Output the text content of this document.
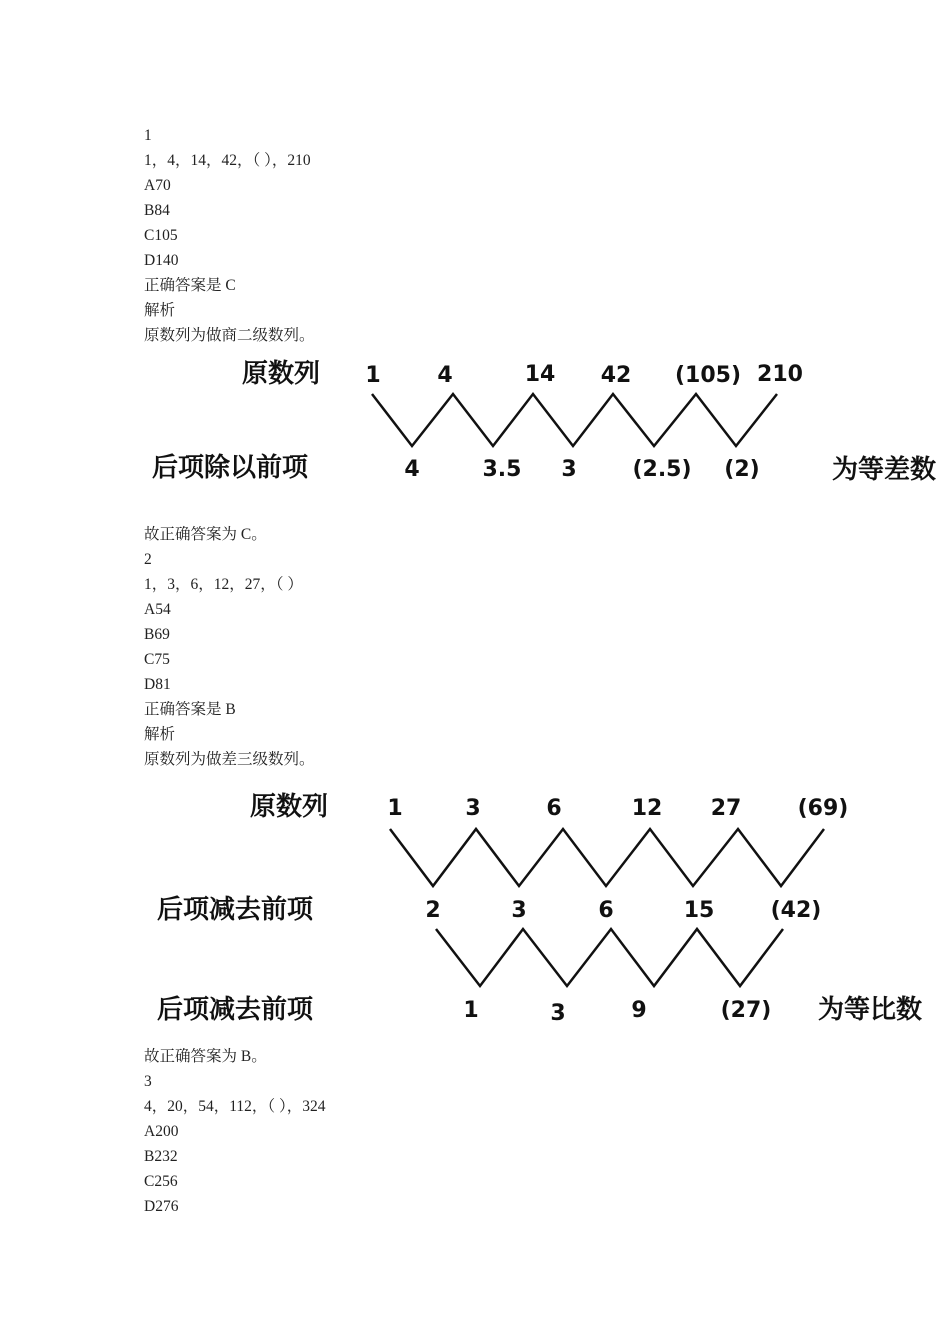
1
1，4，14，42，（ ），210
A70
B84
C105
D140
正确答案是 C
解析
原数列为做商二级数列。
原数列 1	4	14 42 (105) 210
后项除以前项	4	3.5 3	(2.5) (2)	为等差数
故正确答案为 C。
2
1，3，6，12，27，（ ）
A54
B69
C75
D81
正确答案是 B
解析
原数列为做差三级数列。
原数列	1	3	6	12 27	(69)
后项减去前项	2	3	6	15	(42)
后项减去前项	1	3	9	(27) 为等比数
故正确答案为 B。
3
4，20，54，112，（ ），324
A200
B232
C256
D276
